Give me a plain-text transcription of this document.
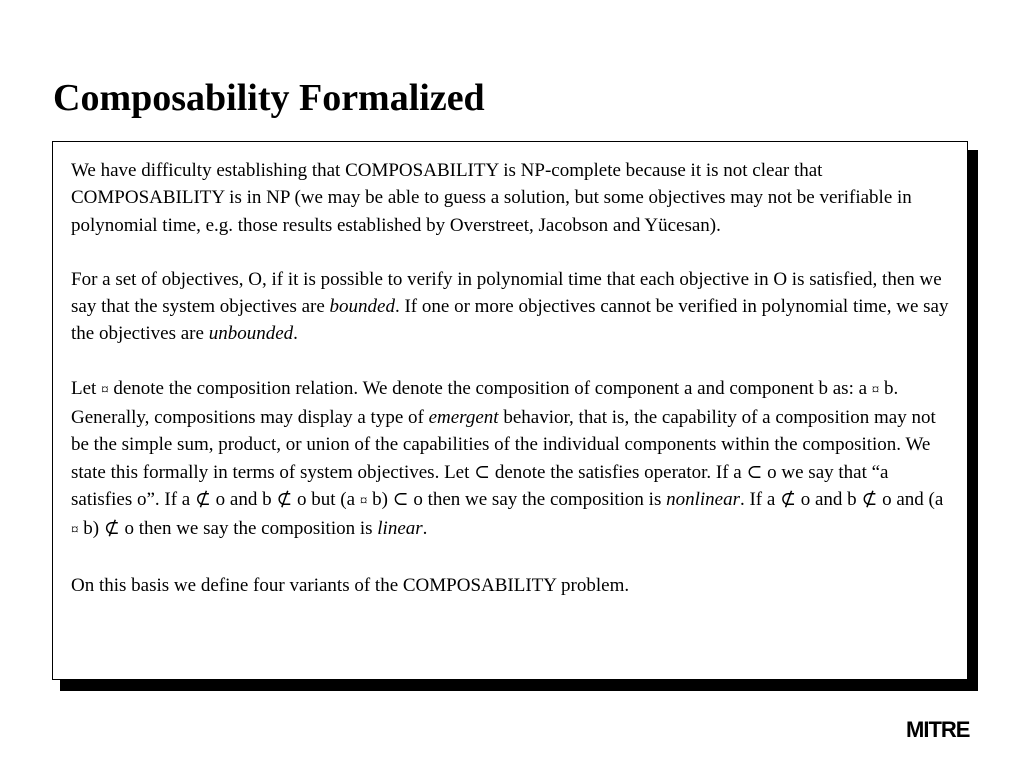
Composability Formalized

We have difficulty establishing that COMPOSABILITY is NP-complete because it is not clear that COMPOSABILITY is in NP (we may be able to guess a solution, but some objectives may not be verifiable in polynomial time, e.g. those results established by Overstreet, Jacobson and Yücesan).

For a set of objectives, O, if it is possible to verify in polynomial time that each objective in O is satisfied, then we say that the system objectives are bounded. If one or more objectives cannot be verified in polynomial time, we say the objectives are unbounded.

Let ¤ denote the composition relation. We denote the composition of component a and component b as: a ¤ b. Generally, compositions may display a type of emergent behavior, that is, the capability of a composition may not be the simple sum, product, or union of the capabilities of the individual components within the composition. We state this formally in terms of system objectives. Let ⊂ denote the satisfies operator. If a ⊂ o we say that “a satisfies o”. If a ⊄ o and b ⊄ o but (a ¤ b) ⊂ o then we say the composition is nonlinear. If a ⊄ o and b ⊄ o and (a ¤ b) ⊄ o then we say the composition is linear.

On this basis we define four variants of the COMPOSABILITY problem.

MITRE
